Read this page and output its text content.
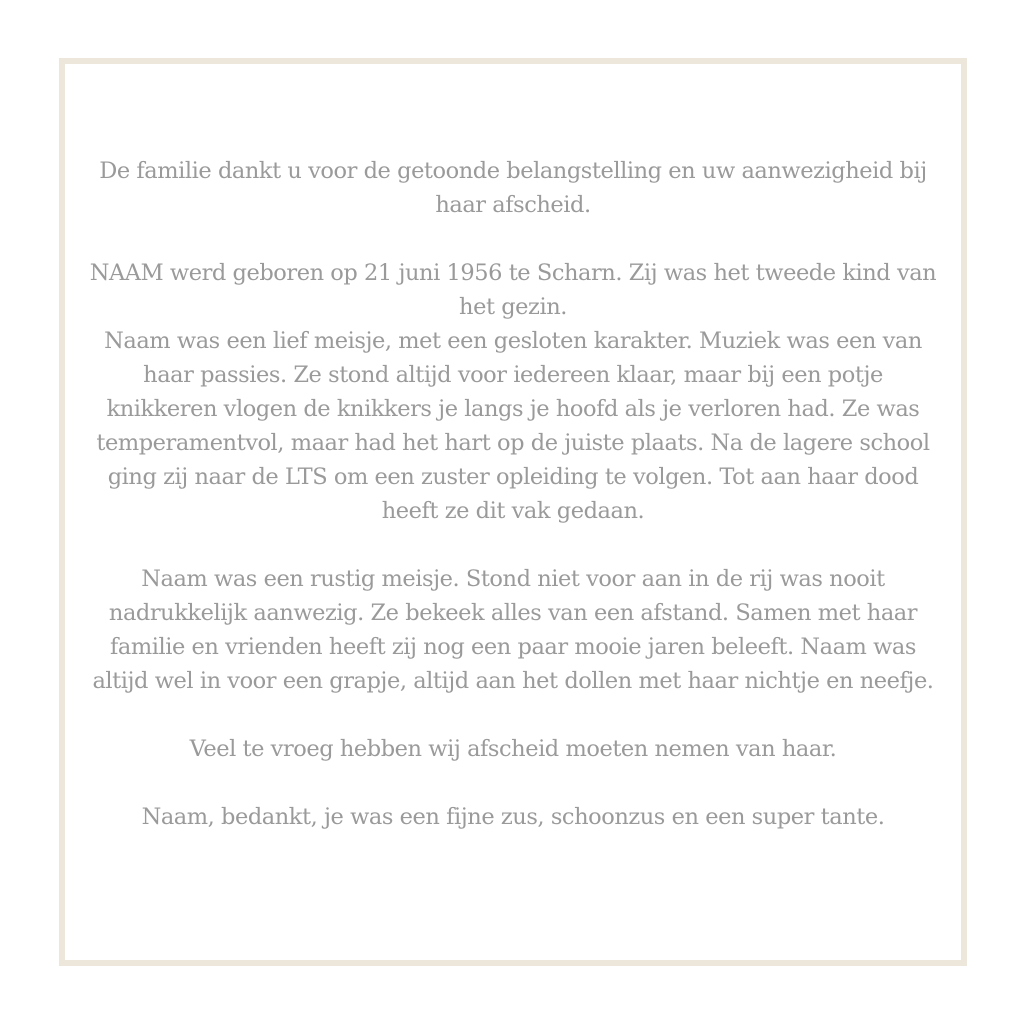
De familie dankt u voor de getoonde belangstelling en uw aanwezigheid bij haar afscheid.

NAAM werd geboren op 21 juni 1956 te Scharn. Zij was het tweede kind van het gezin.

Naam was een lief meisje, met een gesloten karakter. Muziek was een van haar passies. Ze stond altijd voor iedereen klaar, maar bij een potje knikkeren vlogen de knikkers je langs je hoofd als je verloren had. Ze was temperamentvol, maar had het hart op de juiste plaats. Na de lagere school ging zij naar de LTS om een zuster opleiding te volgen. Tot aan haar dood heeft ze dit vak gedaan.

Naam was een rustig meisje. Stond niet voor aan in de rij was nooit nadrukkelijk aanwezig. Ze bekeek alles van een afstand. Samen met haar familie en vrienden heeft zij nog een paar mooie jaren beleeft. Naam was altijd wel in voor een grapje, altijd aan het dollen met haar nichtje en neefje.

Veel te vroeg hebben wij afscheid moeten nemen van haar.

Naam, bedankt, je was een fijne zus, schoonzus en een super tante.
